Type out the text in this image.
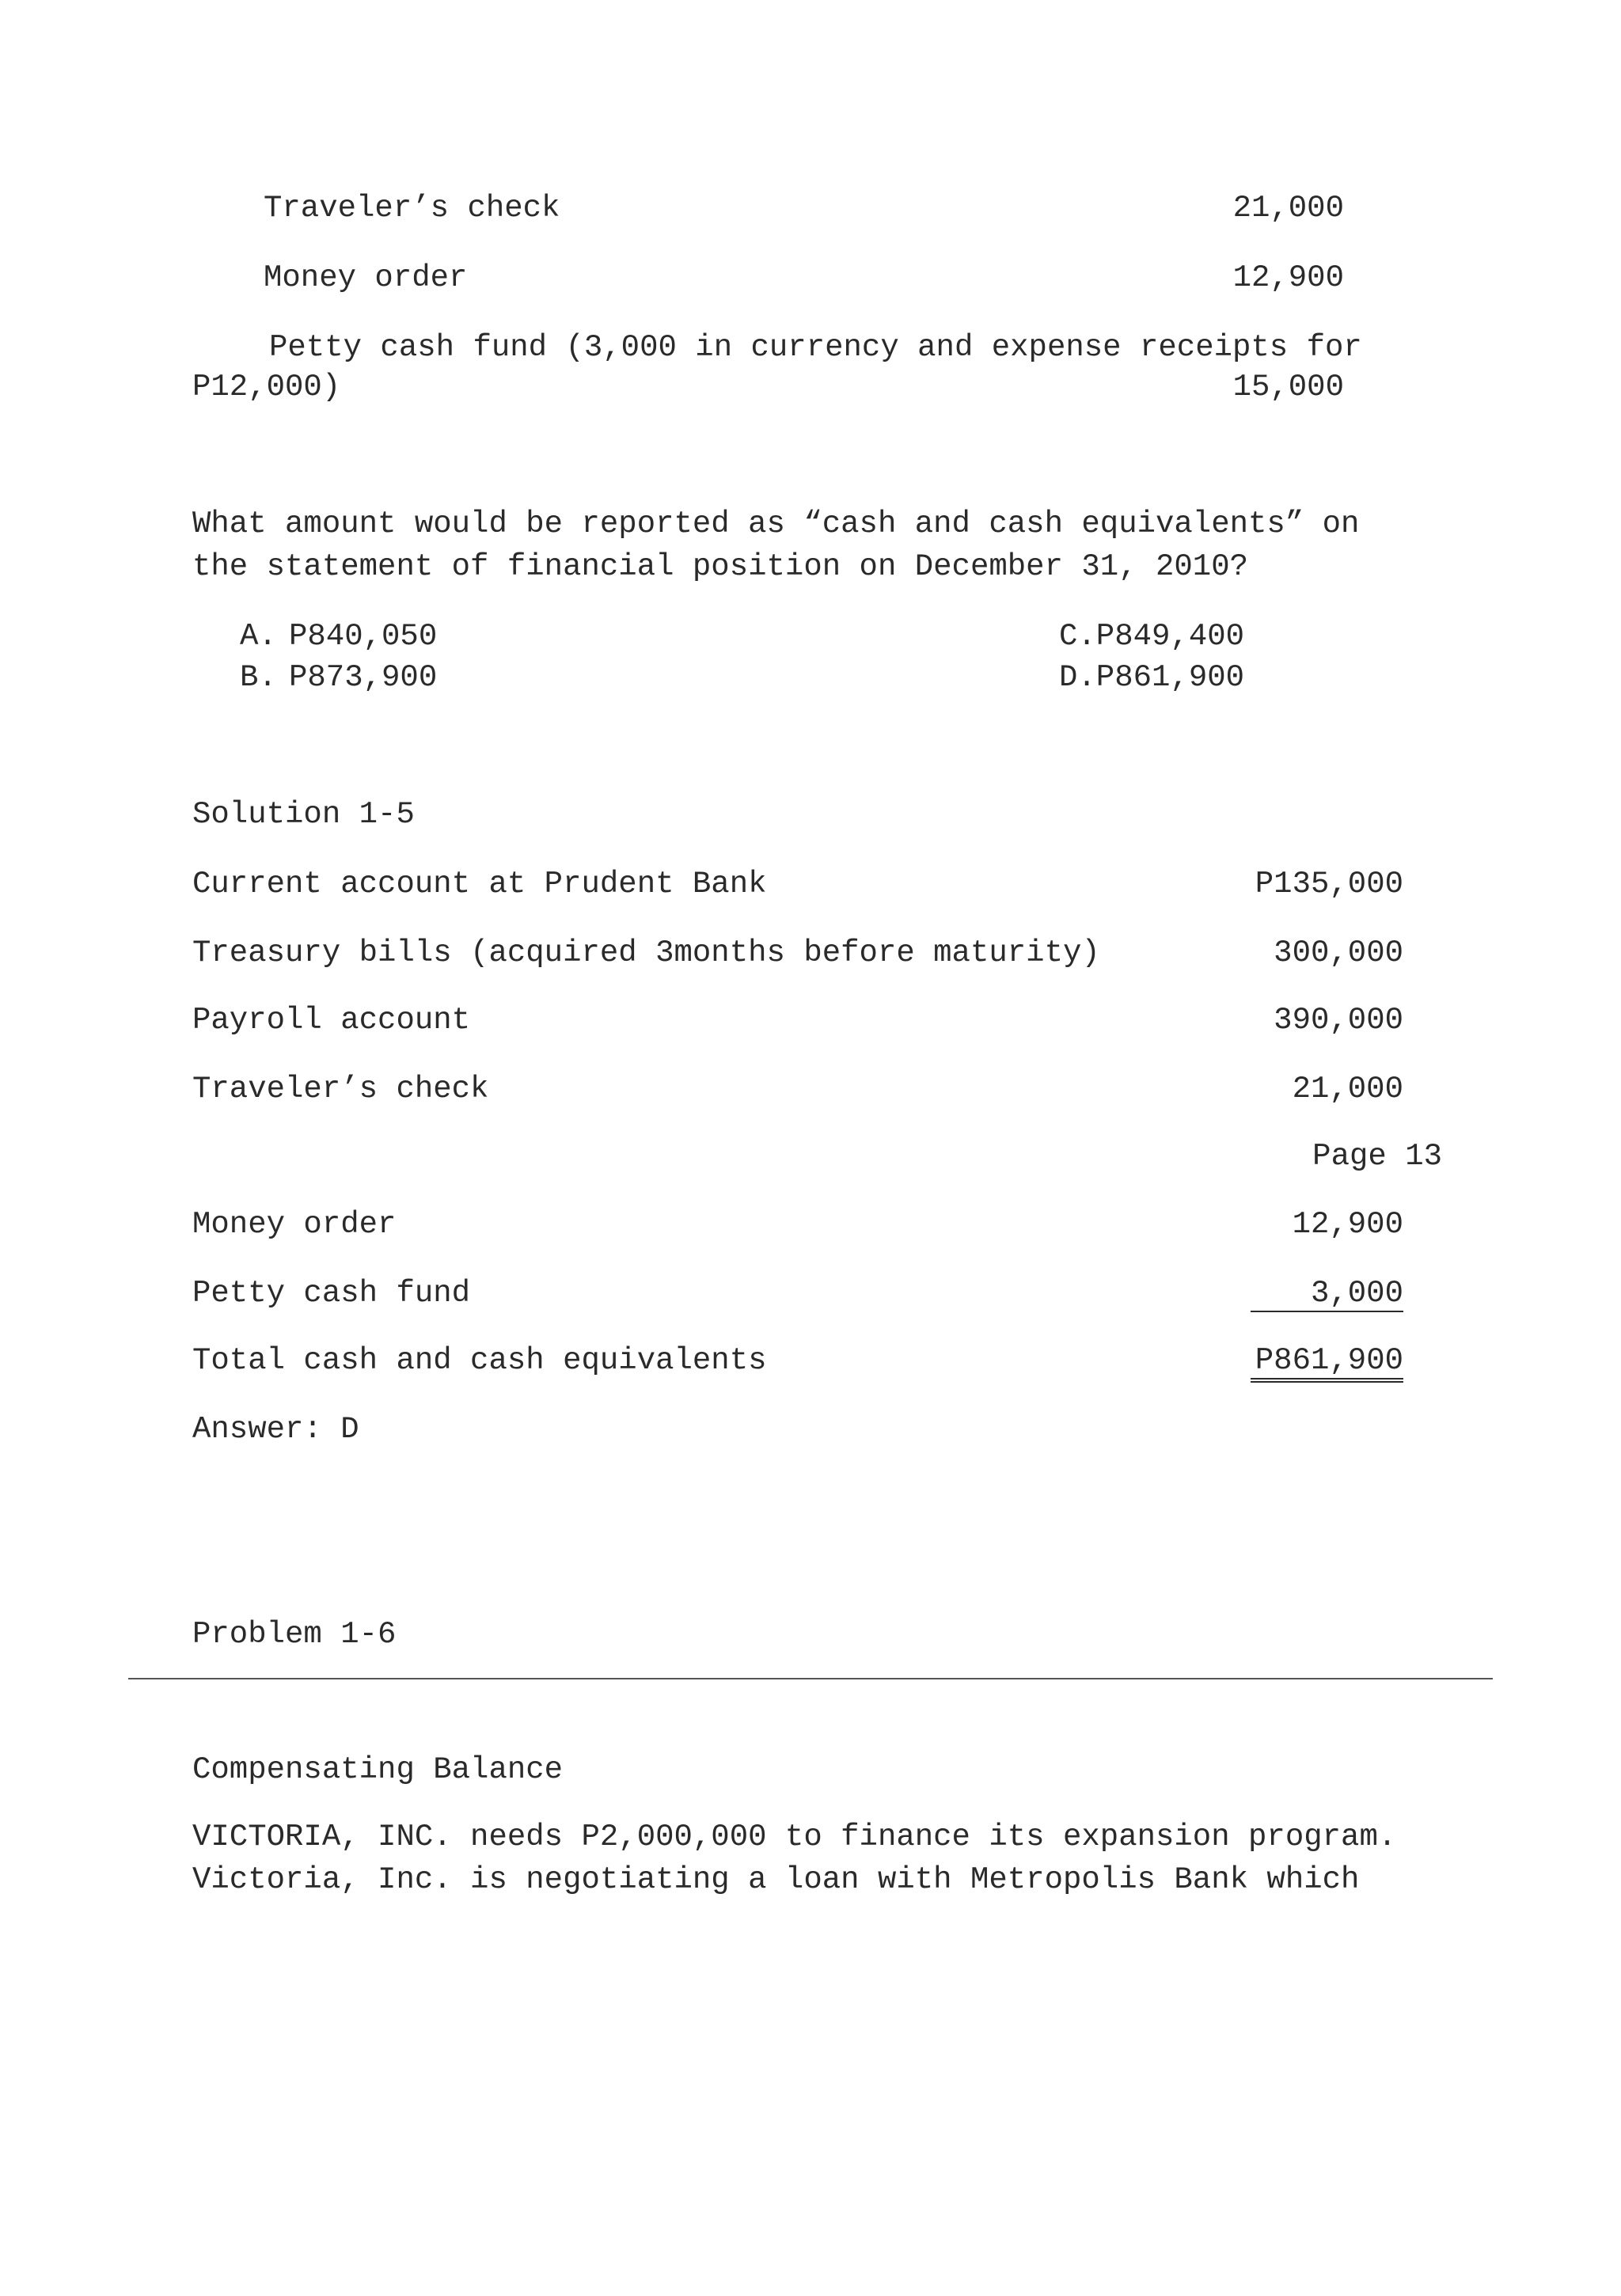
Traveler’s check	21,000
Money order	12,900
Petty cash fund (3,000 in currency and expense receipts for
P12,000)	15,000
What amount would be reported as “cash and cash equivalents” on
the statement of financial position on December 31, 2010?
A. P840,050	C.P849,400
B. P873,900	D.P861,900
Solution 1-5
Current account at Prudent Bank	P135,000
Treasury bills (acquired 3months before maturity)	300,000
Payroll account	390,000
Traveler’s check	21,000
Page 13
Money order	12,900
Petty cash fund	3,000
Total cash and cash equivalents	P861,900
Answer: D
Problem 1-6
Compensating Balance
VICTORIA, INC. needs P2,000,000 to finance its expansion program.
Victoria, Inc. is negotiating a loan with Metropolis Bank which
